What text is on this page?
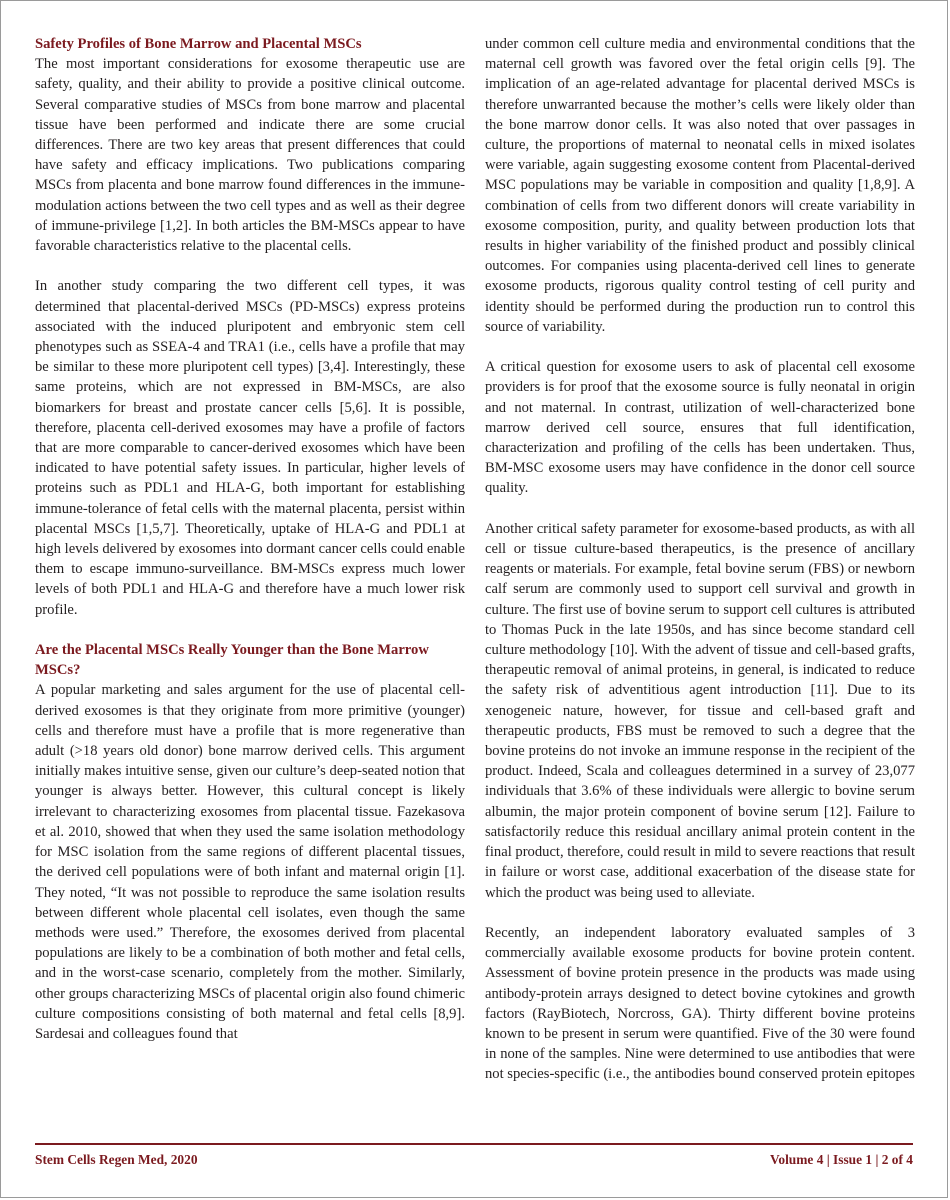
Safety Profiles of Bone Marrow and Placental MSCs

The most important considerations for exosome therapeutic use are safety, quality, and their ability to provide a positive clinical outcome. Several comparative studies of MSCs from bone marrow and placental tissue have been performed and indicate there are some crucial differences. There are two key areas that present differences that could have safety and efficacy implications. Two publications comparing MSCs from placenta and bone marrow found differences in the immune-modulation actions between the two cell types and as well as their degree of immune-privilege [1,2]. In both articles the BM-MSCs appear to have favorable characteristics relative to the placental cells.

In another study comparing the two different cell types, it was determined that placental-derived MSCs (PD-MSCs) express proteins associated with the induced pluripotent and embryonic stem cell phenotypes such as SSEA-4 and TRA1 (i.e., cells have a profile that may be similar to these more pluripotent cell types) [3,4]. Interestingly, these same proteins, which are not expressed in BM-MSCs, are also biomarkers for breast and prostate cancer cells [5,6]. It is possible, therefore, placenta cell-derived exosomes may have a profile of factors that are more comparable to cancer-derived exosomes which have been indicated to have potential safety issues. In particular, higher levels of proteins such as PDL1 and HLA-G, both important for establishing immune-tolerance of fetal cells with the maternal placenta, persist within placental MSCs [1,5,7]. Theoretically, uptake of HLA-G and PDL1 at high levels delivered by exosomes into dormant cancer cells could enable them to escape immuno-surveillance. BM-MSCs express much lower levels of both PDL1 and HLA-G and therefore have a much lower risk profile.

Are the Placental MSCs Really Younger than the Bone Marrow MSCs?

A popular marketing and sales argument for the use of placental cell-derived exosomes is that they originate from more primitive (younger) cells and therefore must have a profile that is more regenerative than adult (>18 years old donor) bone marrow derived cells. This argument initially makes intuitive sense, given our culture’s deep-seated notion that younger is always better. However, this cultural concept is likely irrelevant to characterizing exosomes from placental tissue. Fazekasova et al. 2010, showed that when they used the same isolation methodology for MSC isolation from the same regions of different placental tissues, the derived cell populations were of both infant and maternal origin [1]. They noted, “It was not possible to reproduce the same isolation results between different whole placental cell isolates, even though the same methods were used.” Therefore, the exosomes derived from placental populations are likely to be a combination of both mother and fetal cells, and in the worst-case scenario, completely from the mother. Similarly, other groups characterizing MSCs of placental origin also found chimeric culture compositions consisting of both maternal and fetal cells [8,9]. Sardesai and colleagues found that

under common cell culture media and environmental conditions that the maternal cell growth was favored over the fetal origin cells [9]. The implication of an age-related advantage for placental derived MSCs is therefore unwarranted because the mother’s cells were likely older than the bone marrow donor cells. It was also noted that over passages in culture, the proportions of maternal to neonatal cells in mixed isolates were variable, again suggesting exosome content from Placental-derived MSC populations may be variable in composition and quality [1,8,9]. A combination of cells from two different donors will create variability in exosome composition, purity, and quality between production lots that results in higher variability of the finished product and possibly clinical outcomes. For companies using placenta-derived cell lines to generate exosome products, rigorous quality control testing of cell purity and identity should be performed during the production run to control this source of variability.

A critical question for exosome users to ask of placental cell exosome providers is for proof that the exosome source is fully neonatal in origin and not maternal. In contrast, utilization of well-characterized bone marrow derived cell source, ensures that full identification, characterization and profiling of the cells has been undertaken. Thus, BM-MSC exosome users may have confidence in the donor cell source quality.

Another critical safety parameter for exosome-based products, as with all cell or tissue culture-based therapeutics, is the presence of ancillary reagents or materials. For example, fetal bovine serum (FBS) or newborn calf serum are commonly used to support cell survival and growth in culture. The first use of bovine serum to support cell cultures is attributed to Thomas Puck in the late 1950s, and has since become standard cell culture methodology [10]. With the advent of tissue and cell-based grafts, therapeutic removal of animal proteins, in general, is indicated to reduce the safety risk of adventitious agent introduction [11]. Due to its xenogeneic nature, however, for tissue and cell-based graft and therapeutic products, FBS must be removed to such a degree that the bovine proteins do not invoke an immune response in the recipient of the product. Indeed, Scala and colleagues determined in a survey of 23,077 individuals that 3.6% of these individuals were allergic to bovine serum albumin, the major protein component of bovine serum [12]. Failure to satisfactorily reduce this residual ancillary animal protein content in the final product, therefore, could result in mild to severe reactions that result in failure or worst case, additional exacerbation of the disease state for which the product was being used to alleviate.

Recently, an independent laboratory evaluated samples of 3 commercially available exosome products for bovine protein content. Assessment of bovine protein presence in the products was made using antibody-protein arrays designed to detect bovine cytokines and growth factors (RayBiotech, Norcross, GA). Thirty different bovine proteins known to be present in serum were quantified. Five of the 30 were found in none of the samples. Nine were determined to use antibodies that were not species-specific (i.e., the antibodies bound conserved protein epitopes

Stem Cells Regen Med, 2020	Volume 4 | Issue 1 | 2 of 4
